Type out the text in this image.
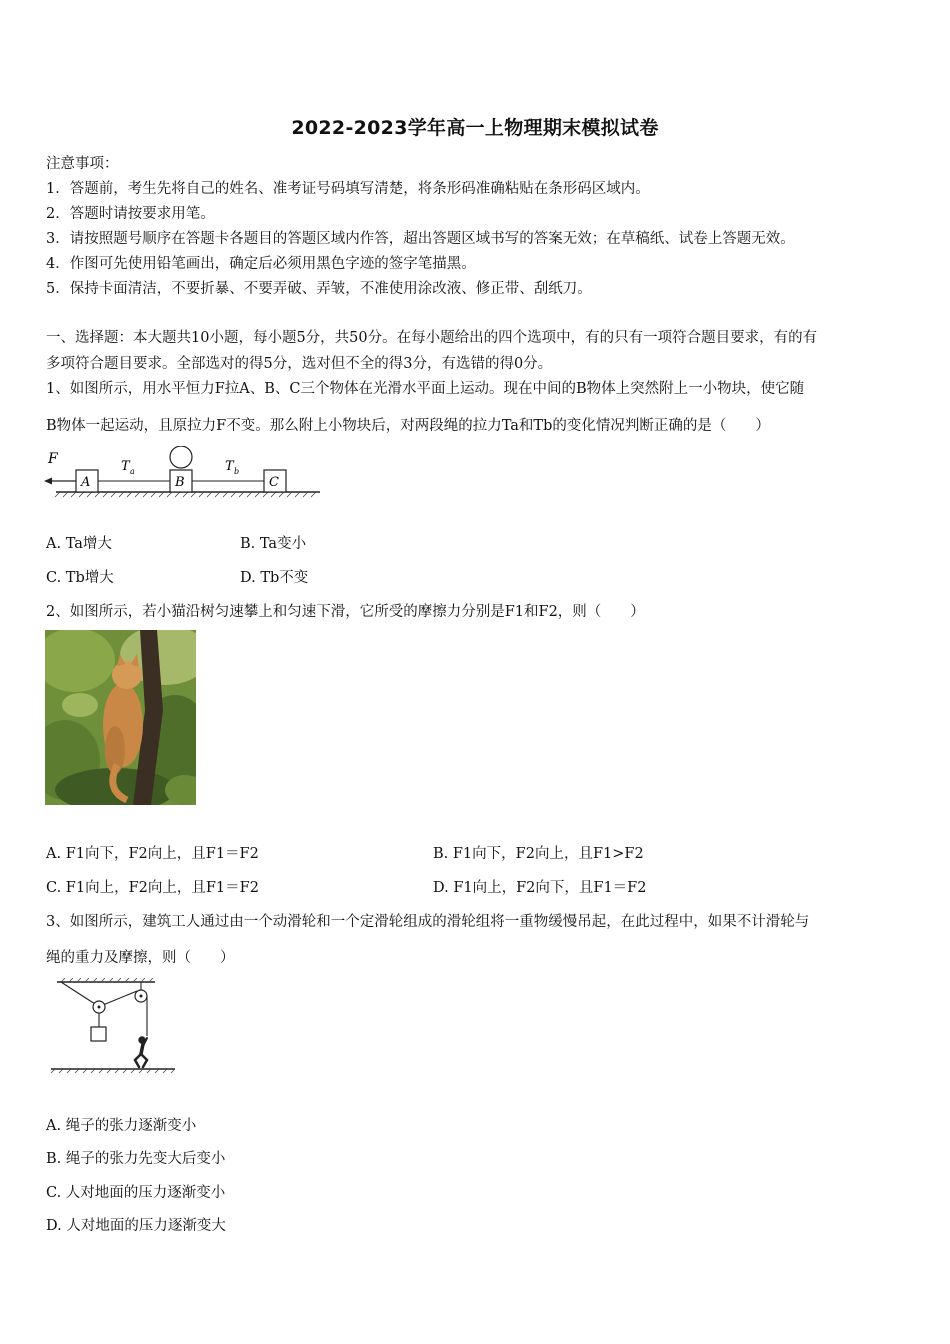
2022-2023学年高一上物理期末模拟试卷
注意事项：
1．答题前，考生先将自己的姓名、准考证号码填写清楚，将条形码准确粘贴在条形码区域内。
2．答题时请按要求用笔。
3．请按照题号顺序在答题卡各题目的答题区域内作答，超出答题区域书写的答案无效；在草稿纸、试卷上答题无效。
4．作图可先使用铅笔画出，确定后必须用黑色字迹的签字笔描黑。
5．保持卡面清洁，不要折暴、不要弄破、弄皱，不准使用涂改液、修正带、刮纸刀。
一、选择题：本大题共10小题，每小题5分，共50分。在每小题给出的四个选项中，有的只有一项符合题目要求，有的有
多项符合题目要求。全部选对的得5分，选对但不全的得3分，有选错的得0分。
1、如图所示，用水平恒力F拉A、B、C三个物体在光滑水平面上运动。现在中间的B物体上突然附上一小物块，使它随
B物体一起运动，且原拉力F不变。那么附上小物块后，对两段绳的拉力Ta和Tb的变化情况判断正确的是（　　）
F
A
T a
B
T b
C
A. Ta增大	B. Ta变小
C. Tb增大	D. Tb不变
2、如图所示，若小猫沿树匀速攀上和匀速下滑，它所受的摩擦力分别是F1和F2，则（　　）
A. F1向下，F2向上，且F1＝F2	B. F1向下，F2向上，且F1>F2
C. F1向上，F2向上，且F1＝F2	D. F1向上，F2向下，且F1＝F2
3、如图所示，建筑工人通过由一个动滑轮和一个定滑轮组成的滑轮组将一重物缓慢吊起，在此过程中，如果不计滑轮与
绳的重力及摩擦，则（　　）
A. 绳子的张力逐渐变小
B. 绳子的张力先变大后变小
C. 人对地面的压力逐渐变小
D. 人对地面的压力逐渐变大
